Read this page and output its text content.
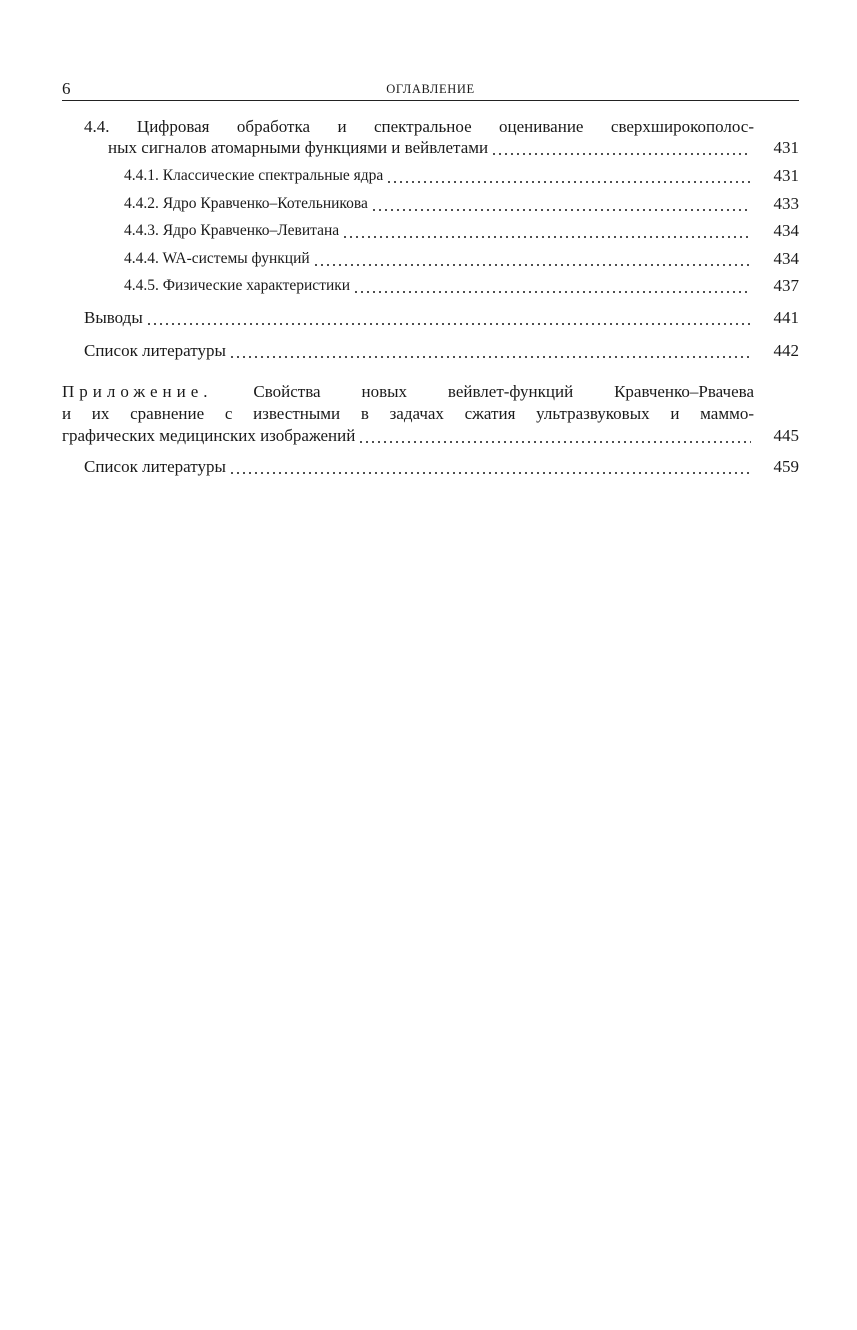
6	ОГЛАВЛЕНИЕ
4.4. Цифровая обработка и спектральное оценивание сверхширокополос-
ных сигналов атомарными функциями и вейвлетами	431
4.4.1. Классические спектральные ядра	431
4.4.2. Ядро Кравченко–Котельникова	433
4.4.3. Ядро Кравченко–Левитана	434
4.4.4. WA-системы функций	434
4.4.5. Физические характеристики	437
Выводы	441
Список литературы	442
Приложение. Свойства новых вейвлет-функций Кравченко–Рвачева
и их сравнение с известными в задачах сжатия ультразвуковых и маммо-
графических медицинских изображений	445
Список литературы	459
